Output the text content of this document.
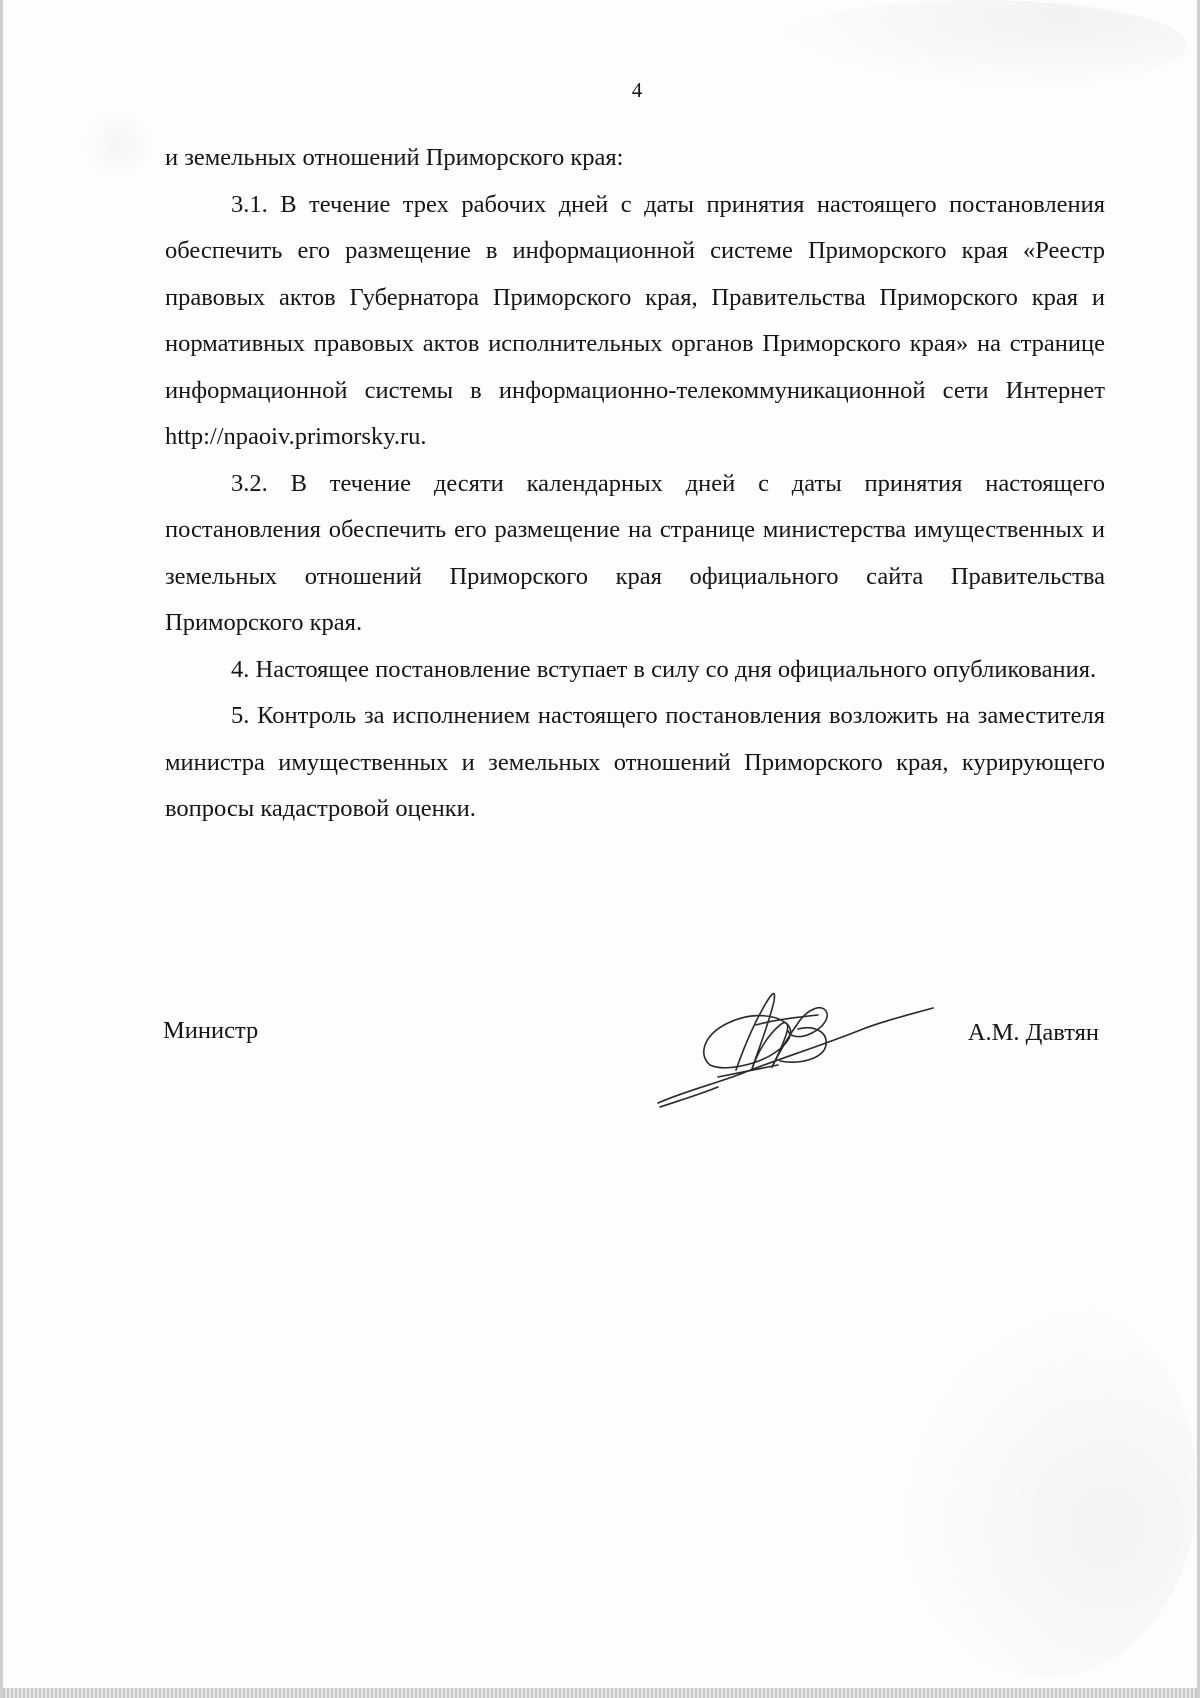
4

и земельных отношений Приморского края:

3.1. В течение трех рабочих дней с даты принятия настоящего постановления обеспечить его размещение в информационной системе Приморского края «Реестр правовых актов Губернатора Приморского края, Правительства Приморского края и нормативных правовых актов исполнительных органов Приморского края» на странице информационной системы в информационно-телекоммуникационной сети Интернет http://npaoiv.primorsky.ru.

3.2. В течение десяти календарных дней с даты принятия настоящего постановления обеспечить его размещение на странице министерства имущественных и земельных отношений Приморского края официального сайта Правительства Приморского края.

4. Настоящее постановление вступает в силу со дня официального опубликования.

5. Контроль за исполнением настоящего постановления возложить на заместителя министра имущественных и земельных отношений Приморского края, курирующего вопросы кадастровой оценки.

Министр	А.М. Давтян
